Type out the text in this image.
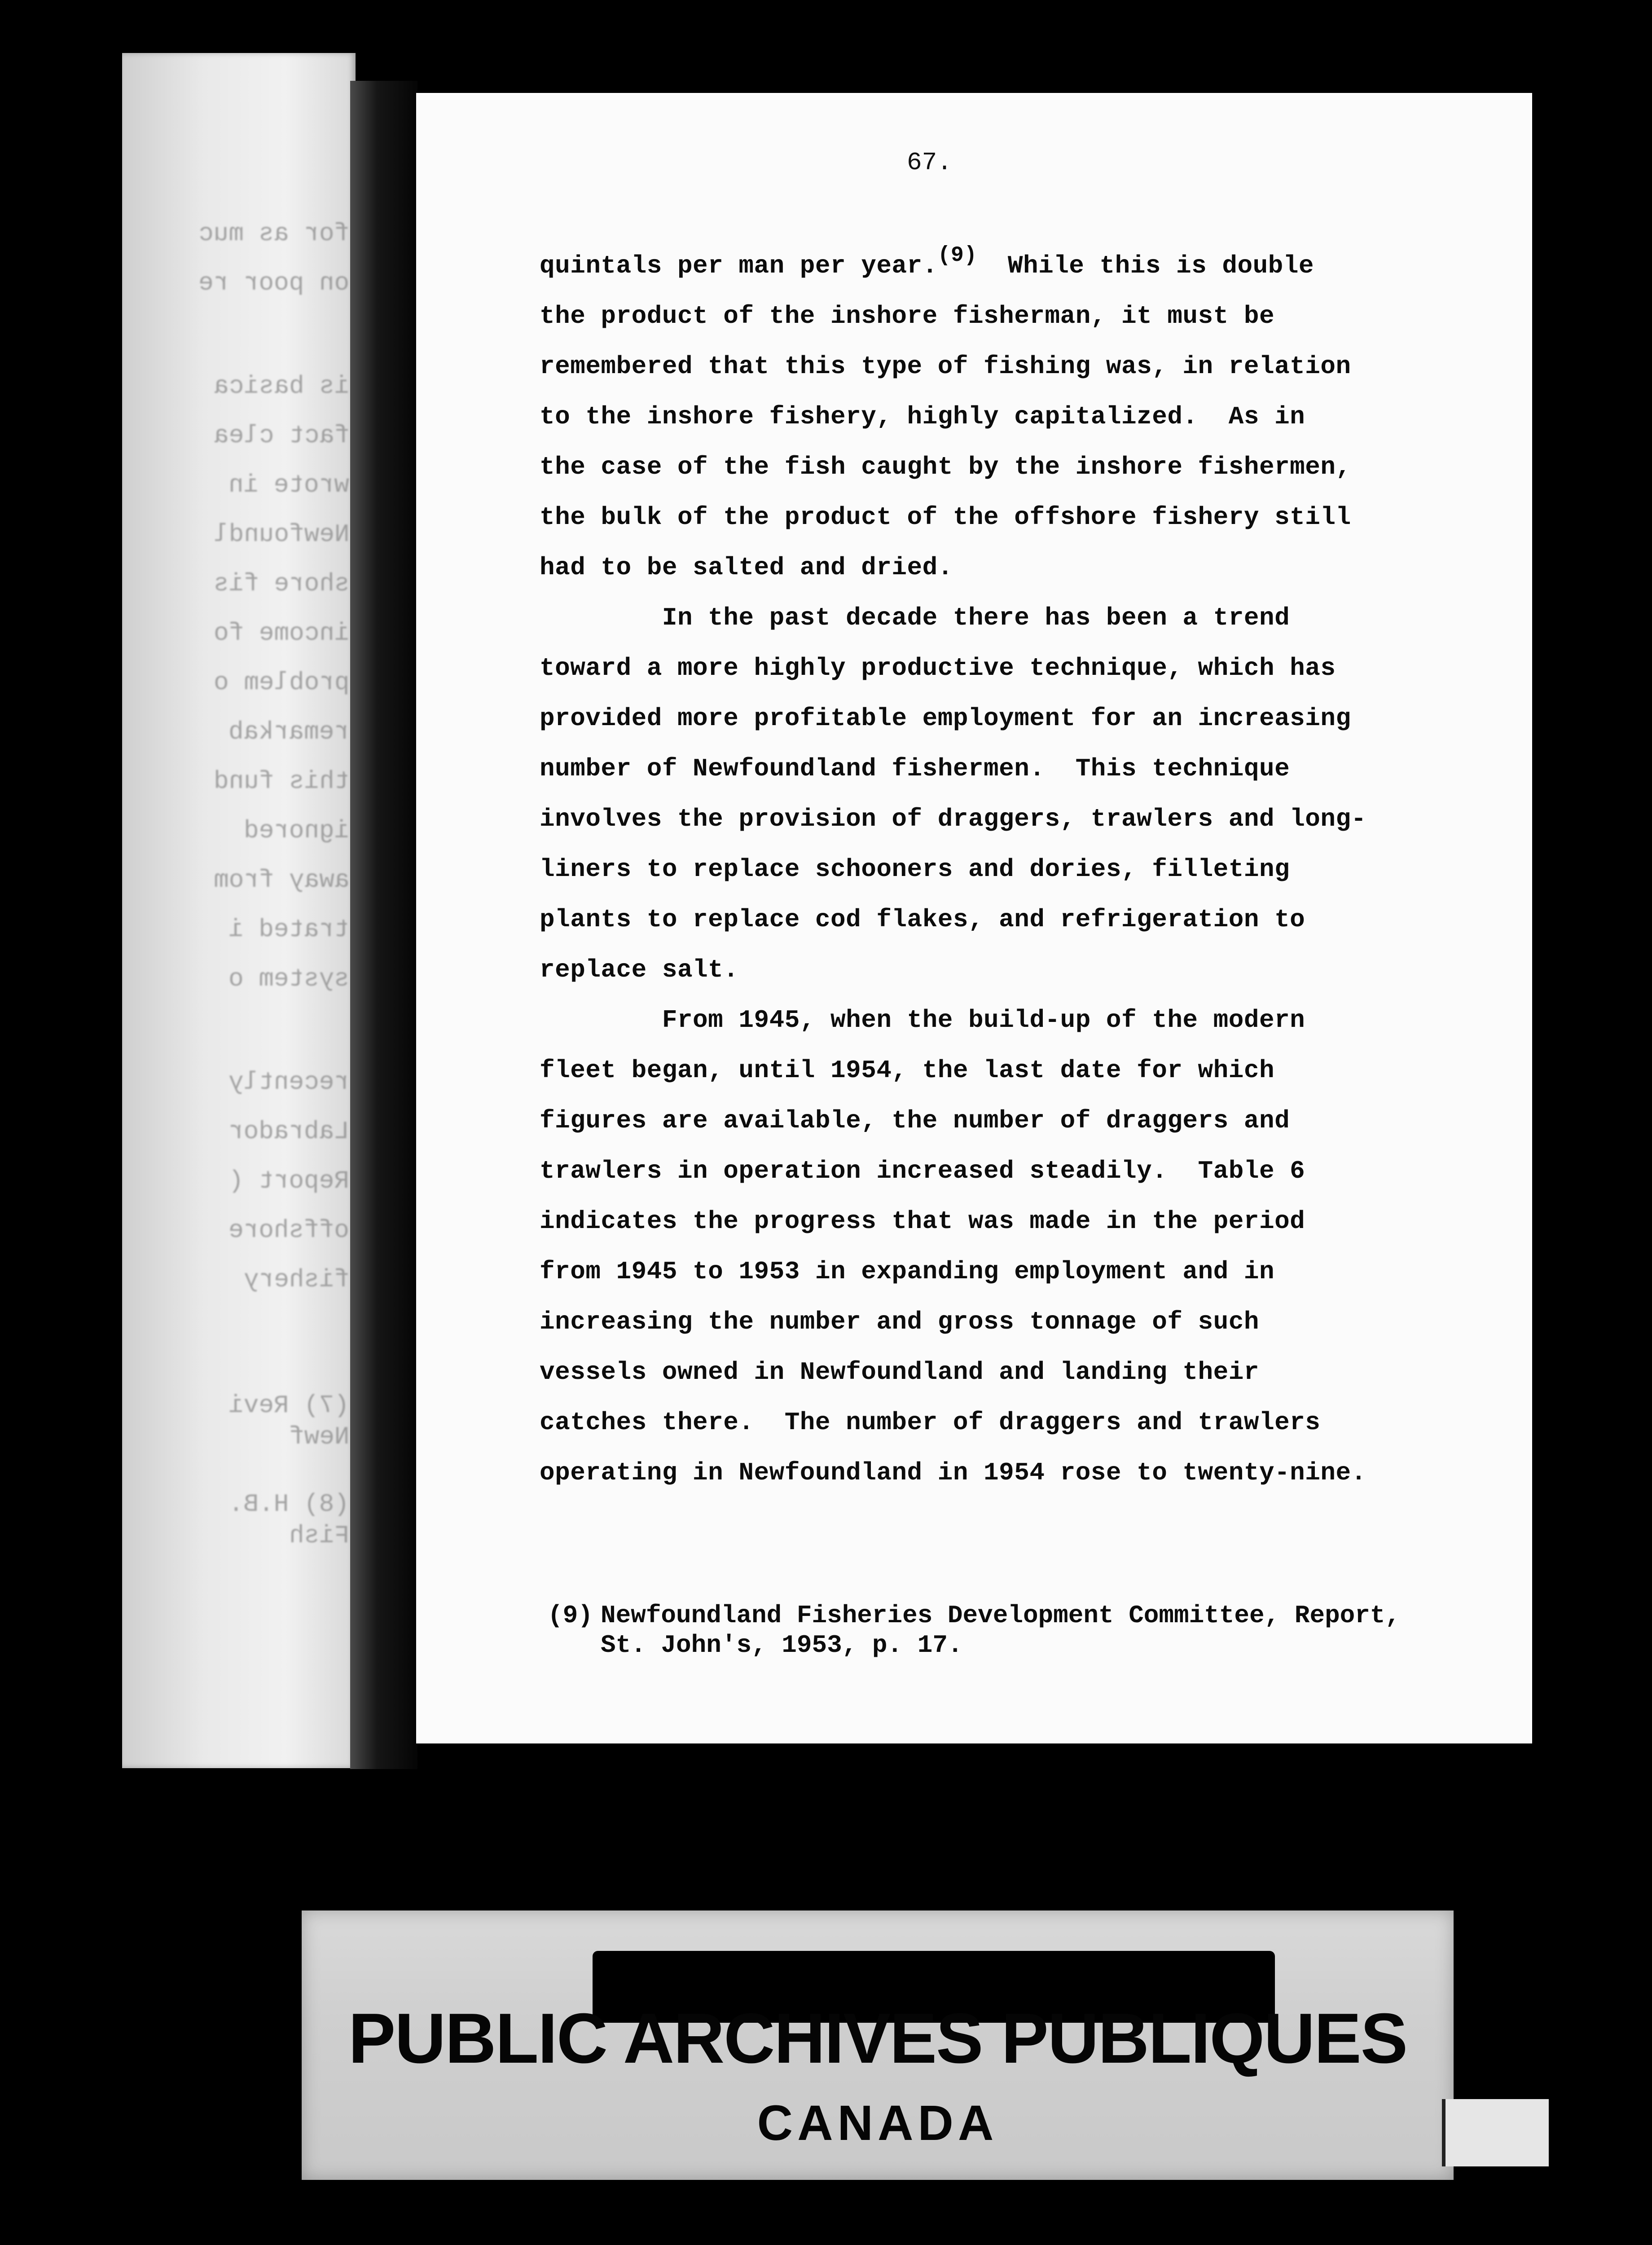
for as muc
on poor re
is basica
fact clea
wrote in
Newfoundl
shore fis
income fo
problem o
remarkab
this fund
ignored
away from
trated i
system o
recently
Labrador
Report (
offshore
fishery
(7) Revi
Newf
(8) H.B.
Fish
67.
quintals per man per year.(9)  While this is double
the product of the inshore fisherman, it must be
remembered that this type of fishing was, in relation
to the inshore fishery, highly capitalized.  As in
the case of the fish caught by the inshore fishermen,
the bulk of the product of the offshore fishery still
had to be salted and dried.
In the past decade there has been a trend
toward a more highly productive technique, which has
provided more profitable employment for an increasing
number of Newfoundland fishermen.  This technique
involves the provision of draggers, trawlers and long-
liners to replace schooners and dories, filleting
plants to replace cod flakes, and refrigeration to
replace salt.
From 1945, when the build-up of the modern
fleet began, until 1954, the last date for which
figures are available, the number of draggers and
trawlers in operation increased steadily.  Table 6
indicates the progress that was made in the period
from 1945 to 1953 in expanding employment and in
increasing the number and gross tonnage of such
vessels owned in Newfoundland and landing their
catches there.  The number of draggers and trawlers
operating in Newfoundland in 1954 rose to twenty-nine.
(9) Newfoundland Fisheries Development Committee, Report,
St. John's, 1953, p. 17.
PUBLIC ARCHIVES PUBLIQUES
CANADA
